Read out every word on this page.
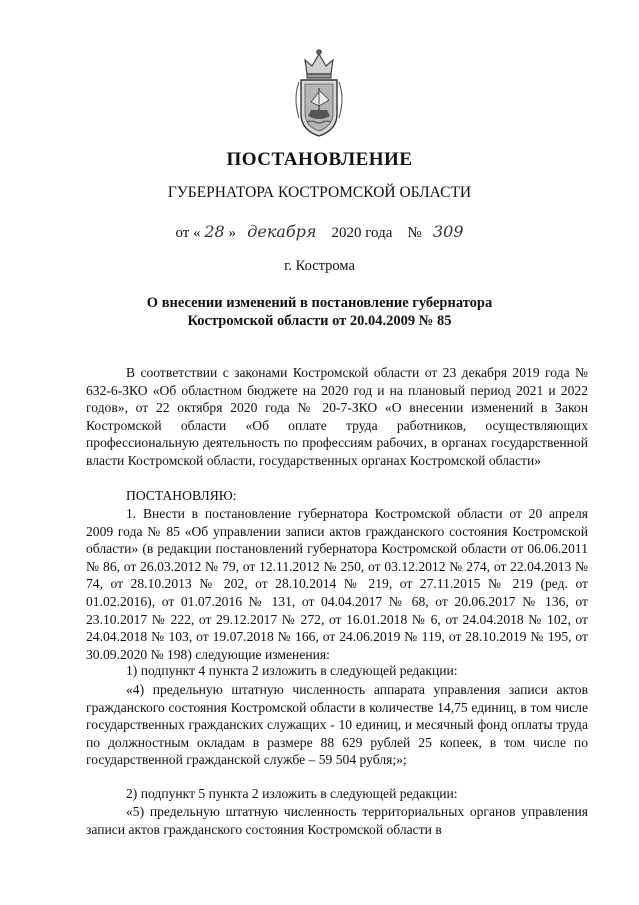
ПОСТАНОВЛЕНИЕ
ГУБЕРНАТОРА КОСТРОМСКОЙ ОБЛАСТИ
от « 28 » декабря 2020 года № 309
г. Кострома
О внесении изменений в постановление губернатора
Костромской области от 20.04.2009 № 85

В соответствии с законами Костромской области от 23 декабря 2019 года № 632-6-ЗКО «Об областном бюджете на 2020 год и на плановый период 2021 и 2022 годов», от 22 октября 2020 года № 20-7-ЗКО «О внесении изменений в Закон Костромской области «Об оплате труда работников, осуществляющих профессиональную деятельность по профессиям рабочих, в органах государственной власти Костромской области, государственных органах Костромской области»

ПОСТАНОВЛЯЮ:

1. Внести в постановление губернатора Костромской области от 20 апреля 2009 года № 85 «Об управлении записи актов гражданского состояния Костромской области» (в редакции постановлений губернатора Костромской области от 06.06.2011 № 86, от 26.03.2012 № 79, от 12.11.2012 № 250, от 03.12.2012 № 274, от 22.04.2013 № 74, от 28.10.2013 № 202, от 28.10.2014 № 219, от 27.11.2015 № 219 (ред. от 01.02.2016), от 01.07.2016 № 131, от 04.04.2017 № 68, от 20.06.2017 № 136, от 23.10.2017 № 222, от 29.12.2017 № 272, от 16.01.2018 № 6, от 24.04.2018 № 102, от 24.04.2018 № 103, от 19.07.2018 № 166, от 24.06.2019 № 119, от 28.10.2019 № 195, от 30.09.2020 № 198) следующие изменения:

1) подпункт 4 пункта 2 изложить в следующей редакции:

«4) предельную штатную численность аппарата управления записи актов гражданского состояния Костромской области в количестве 14,75 единиц, в том числе государственных гражданских служащих - 10 единиц, и месячный фонд оплаты труда по должностным окладам в размере 88 629 рублей 25 копеек, в том числе по государственной гражданской службе – 59 504 рубля;»;

2) подпункт 5 пункта 2 изложить в следующей редакции:

«5) предельную штатную численность территориальных органов управления записи актов гражданского состояния Костромской области в
